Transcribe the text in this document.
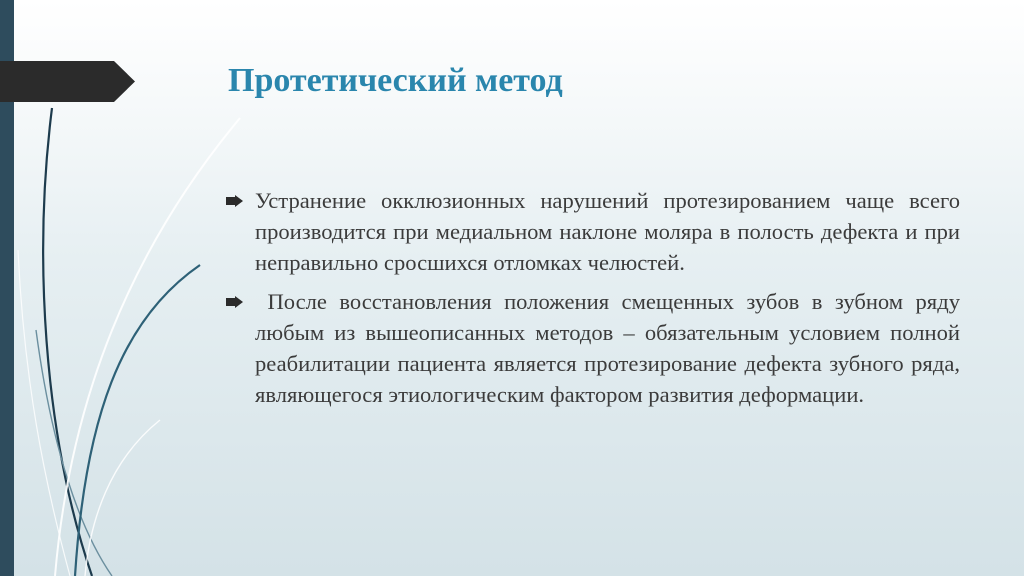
Протетический метод

Устранение окклюзионных нарушений протезированием чаще всего производится при медиальном наклоне моляра в полость дефекта и при неправильно сросшихся отломках челюстей.

После восстановления положения смещенных зубов в зубном ряду любым из вышеописанных методов – обязательным условием полной реабилитации пациента является протезирование дефекта зубного ряда, являющегося этиологическим фактором развития деформации.
